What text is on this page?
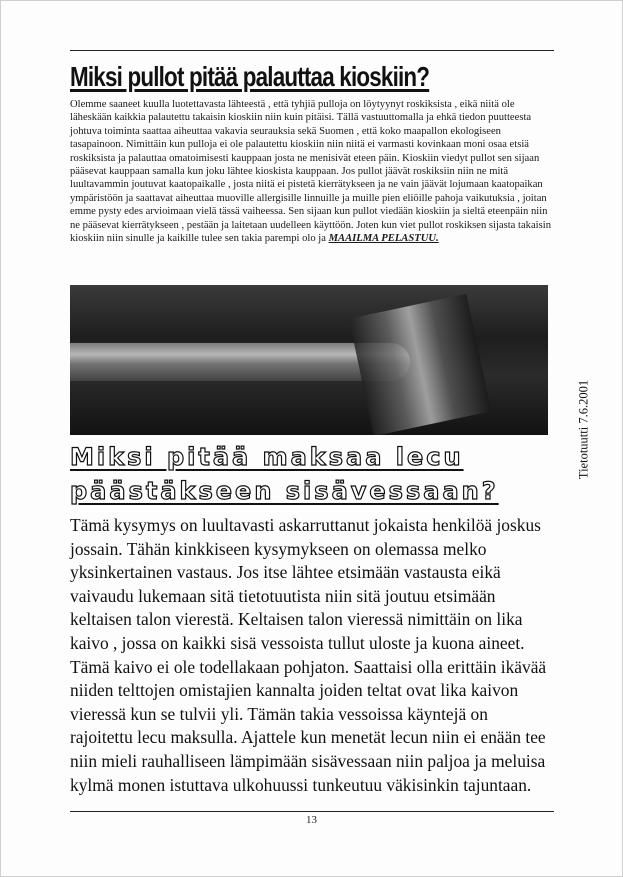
Miksi pullot pitää palauttaa kioskiin?

Olemme saaneet kuulla luotettavasta lähteestä , että tyhjiä pulloja on löytyynyt roskiksista , eikä niitä ole läheskään kaikkia palautettu takaisin kioskiin niin kuin pitäisi. Tällä vastuuttomalla ja ehkä tiedon puutteesta johtuva toiminta saattaa aiheuttaa vakavia seurauksia sekä Suomen , että koko maapallon ekologiseen tasapainoon. Nimittäin kun pulloja ei ole palautettu kioskiin niin niitä ei varmasti kovinkaan moni osaa etsiä roskiksista ja palauttaa omatoimisesti kauppaan josta ne menisivät eteen päin. Kioskiin viedyt pullot sen sijaan pääsevat kauppaan samalla kun joku lähtee kioskista kauppaan. Jos pullot jäävät roskiksiin niin ne mitä luultavammin joutuvat kaatopaikalle , josta niitä ei pistetä kierrätykseen ja ne vain jäävät lojumaan kaatopaikan ympäristöön ja saattavat aiheuttaa muoville allergisille linnuille ja muille pien eliöille pahoja vaikutuksia , joitan emme pysty edes arvioimaan vielä tässä vaiheessa. Sen sijaan kun pullot viedään kioskiin ja sieltä eteenpäin niin ne pääsevat kierrätykseen , pestään ja laitetaan uudelleen käyttöön. Joten kun viet pullot roskiksen sijasta takaisin kioskiin niin sinulle ja kaikille tulee sen takia parempi olo ja MAAILMA PELASTUU.

Tietotuutti 7.6.2001
Miksi pitää maksaa lecu päästäkseen sisävessaan?

Tämä kysymys on luultavasti askarruttanut jokaista henkilöä joskus jossain. Tähän kinkkiseen kysymykseen on olemassa melko yksinkertainen vastaus. Jos itse lähtee etsimään vastausta eikä vaivaudu lukemaan sitä tietotuutista niin sitä joutuu etsimään keltaisen talon vierestä. Keltaisen talon vieressä nimittäin on lika kaivo , jossa on kaikki sisä vessoista tullut uloste ja kuona aineet. Tämä kaivo ei ole todellakaan pohjaton. Saattaisi olla erittäin ikävää niiden telttojen omistajien kannalta joiden teltat ovat lika kaivon vieressä kun se tulvii yli. Tämän takia vessoissa käyntejä on rajoitettu lecu maksulla. Ajattele kun menetät lecun niin ei enään tee niin mieli rauhalliseen lämpimään sisävessaan niin paljoa ja meluisa kylmä monen istuttava ulkohuussi tunkeutuu väkisinkin tajuntaan.

13
